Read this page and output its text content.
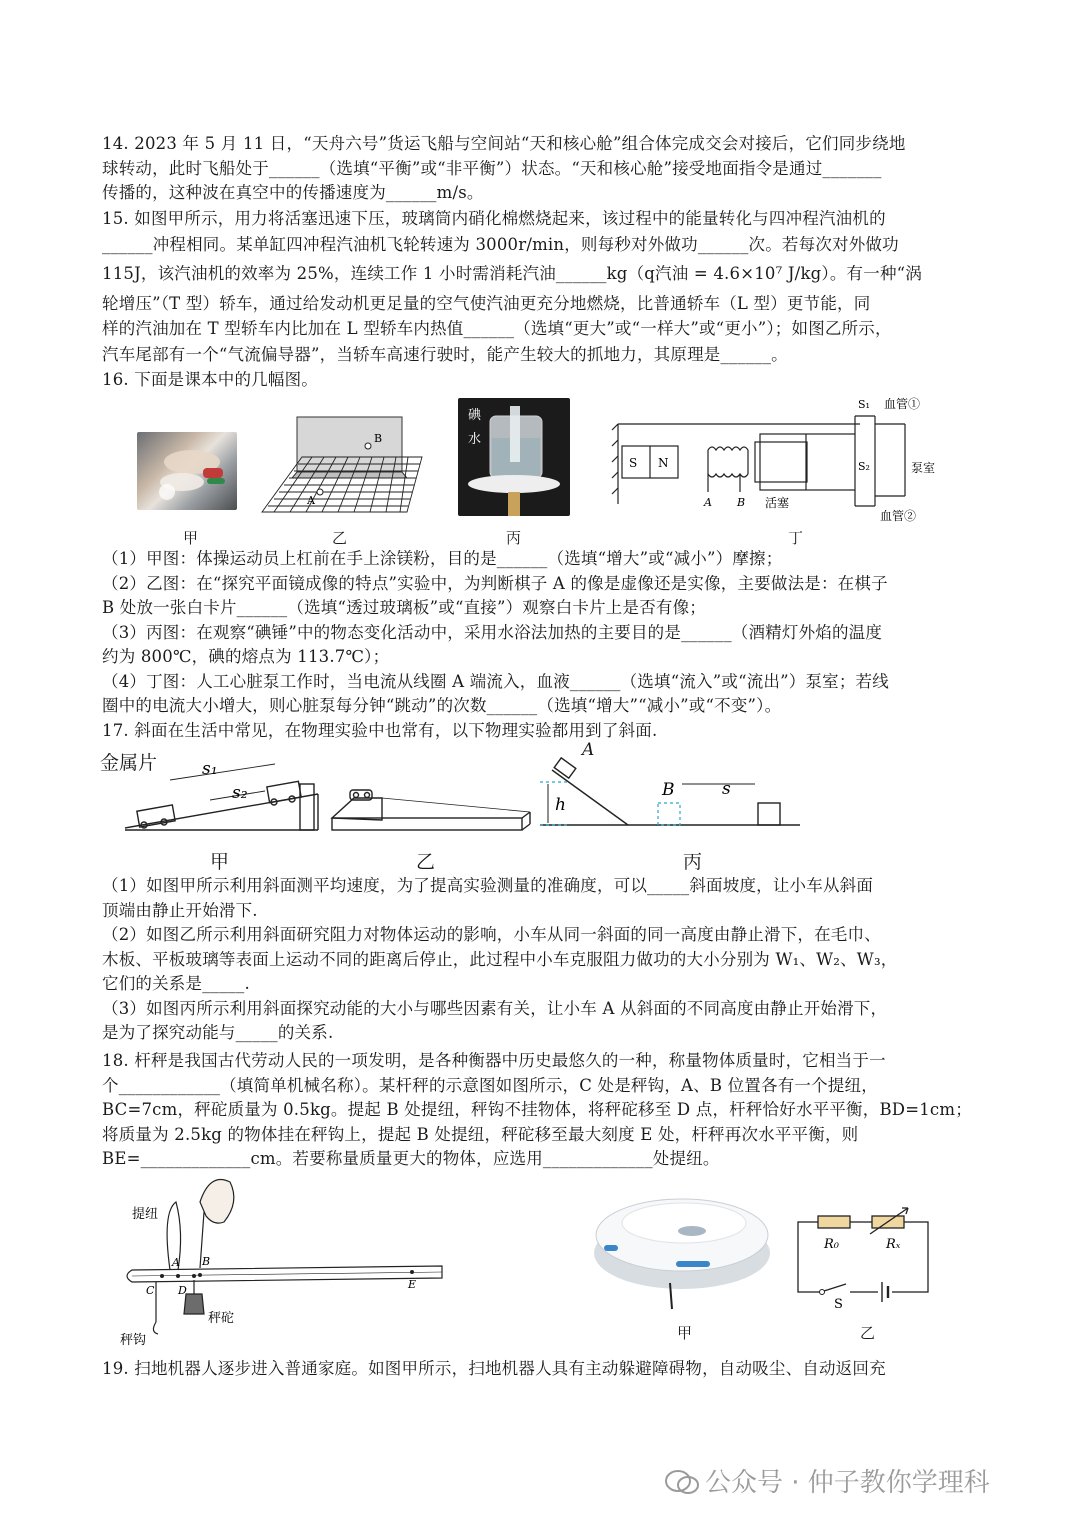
14. 2023 年 5 月 11 日，“天舟六号”货运飞船与空间站“天和核心舱”组合体完成交会对接后，它们同步绕地

球转动，此时飞船处于______（选填“平衡”或“非平衡”）状态。“天和核心舱”接受地面指令是通过_______

传播的，这种波在真空中的传播速度为______m/s。

15. 如图甲所示，用力将活塞迅速下压，玻璃筒内硝化棉燃烧起来，该过程中的能量转化与四冲程汽油机的

______冲程相同。某单缸四冲程汽油机飞轮转速为 3000r/min，则每秒对外做功______次。若每次对外做功

115J，该汽油机的效率为 25%，连续工作 1 小时需消耗汽油______kg（q汽油 = 4.6×10⁷ J/kg）。有一种“涡

轮增压”（T 型）轿车，通过给发动机更足量的空气使汽油更充分地燃烧，比普通轿车（L 型）更节能，同

样的汽油加在 T 型轿车内比加在 L 型轿车内热值______（选填“更大”或“一样大”或“更小”）；如图乙所示，

汽车尾部有一个“气流偏导器”，当轿车高速行驶时，能产生较大的抓地力，其原理是______。

16. 下面是课本中的几幅图。

甲
B
A
乙
碘
水
丙
S N
A B 活塞
泵室
S₁
S₂
血管①
血管②
丁

（1）甲图：体操运动员上杠前在手上涂镁粉，目的是______（选填“增大”或“减小”）摩擦；

（2）乙图：在“探究平面镜成像的特点”实验中，为判断棋子 A 的像是虚像还是实像，主要做法是：在棋子

B 处放一张白卡片______（选填“透过玻璃板”或“直接”）观察白卡片上是否有像；

（3）丙图：在观察“碘锤”中的物态变化活动中，采用水浴法加热的主要目的是______（酒精灯外焰的温度

约为 800℃，碘的熔点为 113.7℃）；

（4）丁图：人工心脏泵工作时，当电流从线圈 A 端流入，血液______（选填“流入”或“流出”）泵室；若线

圈中的电流大小增大，则心脏泵每分钟“跳动”的次数______（选填“增大”“减小”或“不变”）。

17. 斜面在生活中常见，在物理实验中也常有，以下物理实验都用到了斜面.

金属片	s₁
s₂
h
B	s
A
甲	乙	丙

（1）如图甲所示利用斜面测平均速度，为了提高实验测量的准确度，可以_____斜面坡度，让小车从斜面

顶端由静止开始滑下.

（2）如图乙所示利用斜面研究阻力对物体运动的影响，小车从同一斜面的同一高度由静止滑下，在毛巾、

木板、平板玻璃等表面上运动不同的距离后停止，此过程中小车克服阻力做功的大小分别为 W₁、W₂、W₃，

它们的关系是_____.

（3）如图丙所示利用斜面探究动能的大小与哪些因素有关，让小车 A 从斜面的不同高度由静止开始滑下，

是为了探究动能与_____的关系.

18. 杆秤是我国古代劳动人民的一项发明，是各种衡器中历史最悠久的一种，称量物体质量时，它相当于一

个____________（填简单机械名称）。某杆秤的示意图如图所示，C 处是秤钩，A、B 位置各有一个提纽，

BC=7cm，秤砣质量为 0.5kg。提起 B 处提纽，秤钩不挂物体，将秤砣移至 D 点，杆秤恰好水平平衡，BD=1cm；

将质量为 2.5kg 的物体挂在秤钩上，提起 B 处提纽，秤砣移至最大刻度 E 处，杆秤再次水平平衡，则

BE=_____________cm。若要称量质量更大的物体，应选用_____________处提纽。

提纽
A B
C D	E
秤砣
秤钩	甲
R₀	Rₓ
S
乙

19. 扫地机器人逐步进入普通家庭。如图甲所示，扫地机器人具有主动躲避障碍物，自动吸尘、自动返回充

公众号 · 仲子教你学理科
